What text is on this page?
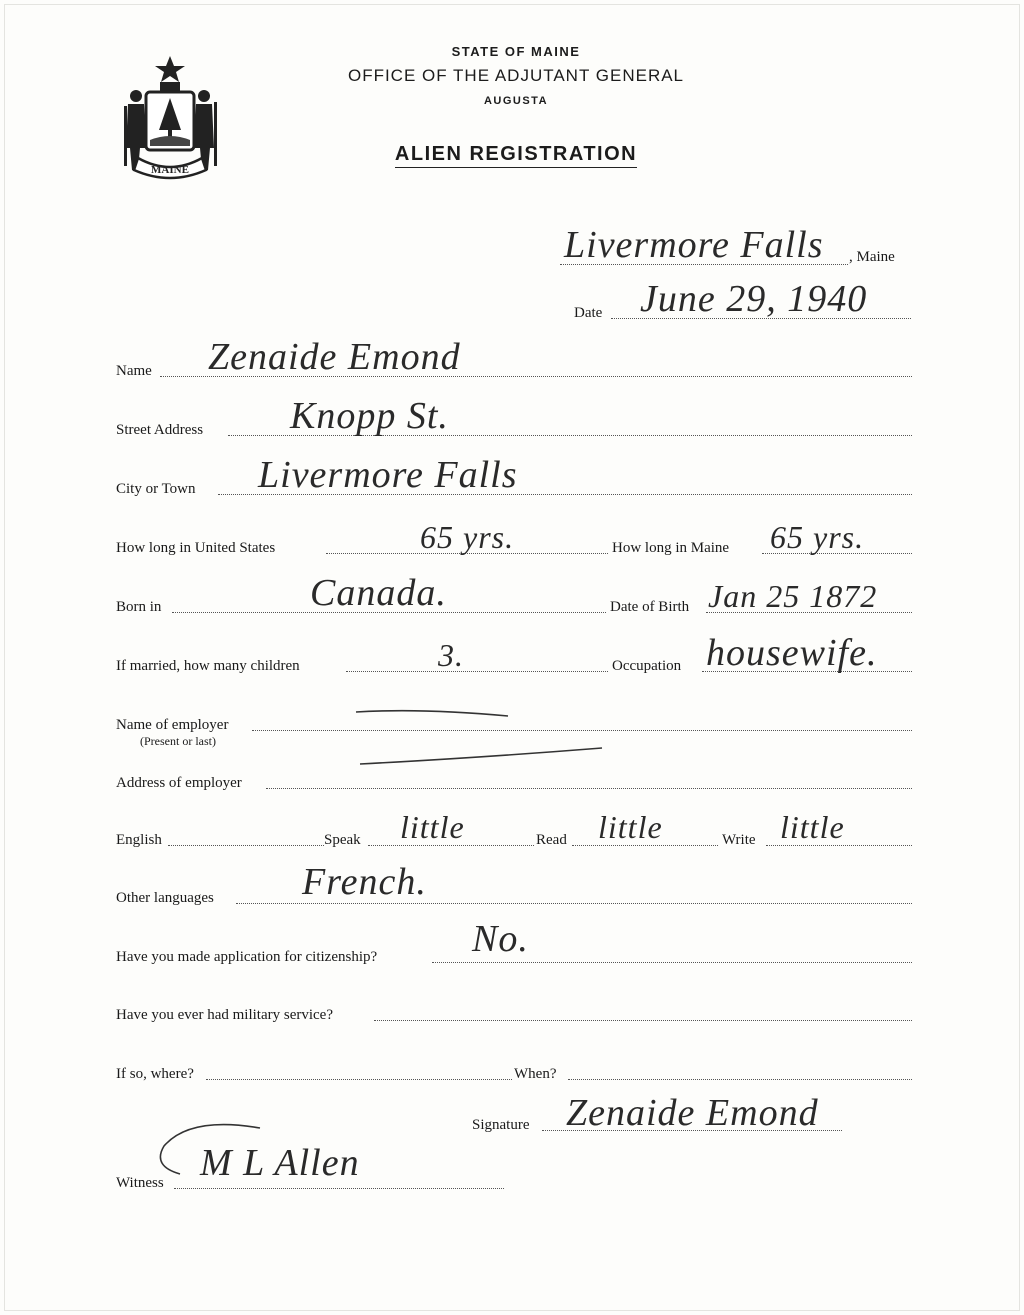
MAINE
STATE OF MAINE
OFFICE OF THE ADJUTANT GENERAL
AUGUSTA
ALIEN REGISTRATION
Livermore Falls , Maine
Date June 29, 1940
Name Zenaide Emond
Street Address Knopp St.
City or Town Livermore Falls
How long in United States	65 yrs.	How long in Maine 65 yrs.
Born in	Canada.	Date of Birth Jan 25 1872
If married, how many children	3.	Occupation housewife.
Name of employer
(Present or last)
Address of employer
English	Speak little	Read little	Write little
Other languages French.
Have you made application for citizenship? No.
Have you ever had military service?
If so, where?	When?
Signature Zenaide Emond
Witness M L Allen
